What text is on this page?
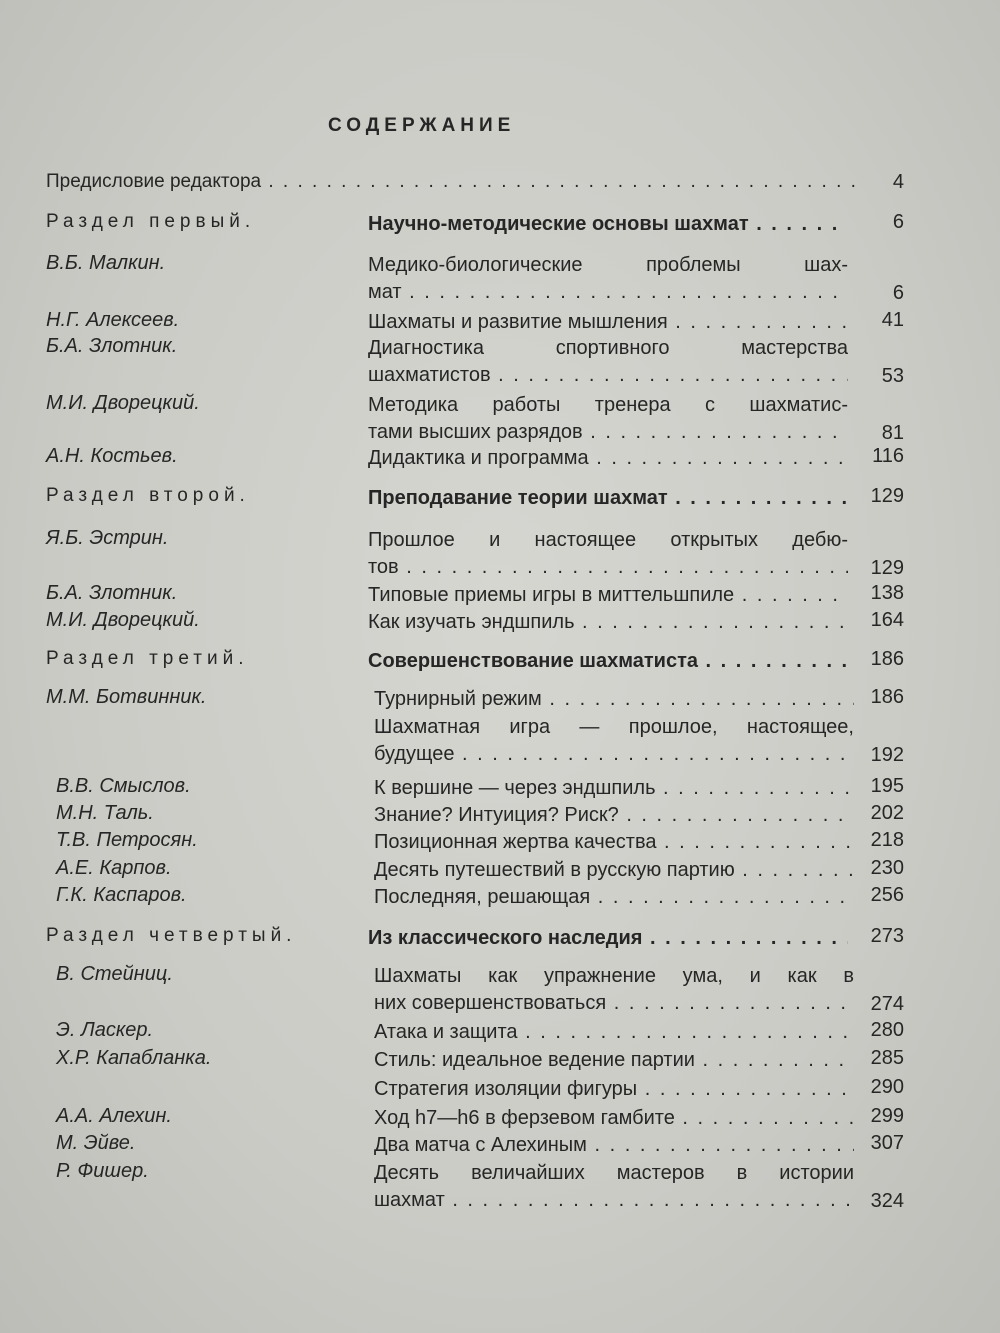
СОДЕРЖАНИЕ
Предисловие редактора . . .	4
Раздел первый.	Научно-методические основы шахмат . . .	6
В.Б. Малкин.	Медико-биологические проблемы шах-
мат . . .	6
Н.Г. Алексеев.	Шахматы и развитие мышления . . .	41
Б.А. Злотник.	Диагностика спортивного мастерства
шахматистов . . .	53
М.И. Дворецкий.	Методика работы тренера с шахматис-
тами высших разрядов . . .	81
А.Н. Костьев.	Дидактика и программа . . .	116
Раздел второй.	Преподавание теории шахмат . . .	129
Я.Б. Эстрин.	Прошлое и настоящее открытых дебю-
тов . . .	129
Б.А. Злотник.	Типовые приемы игры в миттельшпиле . . .	138
М.И. Дворецкий.	Как изучать эндшпиль . . .	164
Раздел третий.	Совершенствование шахматиста . . .	186
М.М. Ботвинник.	Турнирный режим . . .	186
Шахматная игра — прошлое, настоящее,
будущее . . .	192
В.В. Смыслов.	К вершине — через эндшпиль . . .	195
М.Н. Таль.	Знание? Интуиция? Риск? . . .	202
Т.В. Петросян.	Позиционная жертва качества . . .	218
А.Е. Карпов.	Десять путешествий в русскую партию . . .	230
Г.К. Каспаров.	Последняя, решающая . . .	256
Раздел четвертый.	Из классического наследия . . .	273
В. Стейниц.	Шахматы как упражнение ума, и как в
них совершенствоваться . . .	274
Э. Ласкер.	Атака и защита . . .	280
Х.Р. Капабланка.	Стиль: идеальное ведение партии . . .	285
Стратегия изоляции фигуры . . .	290
А.А. Алехин.	Ход h7—h6 в ферзевом гамбите . . .	299
М. Эйве.	Два матча с Алехиным . . .	307
Р. Фишер.	Десять величайших мастеров в истории
шахмат . . .	324
